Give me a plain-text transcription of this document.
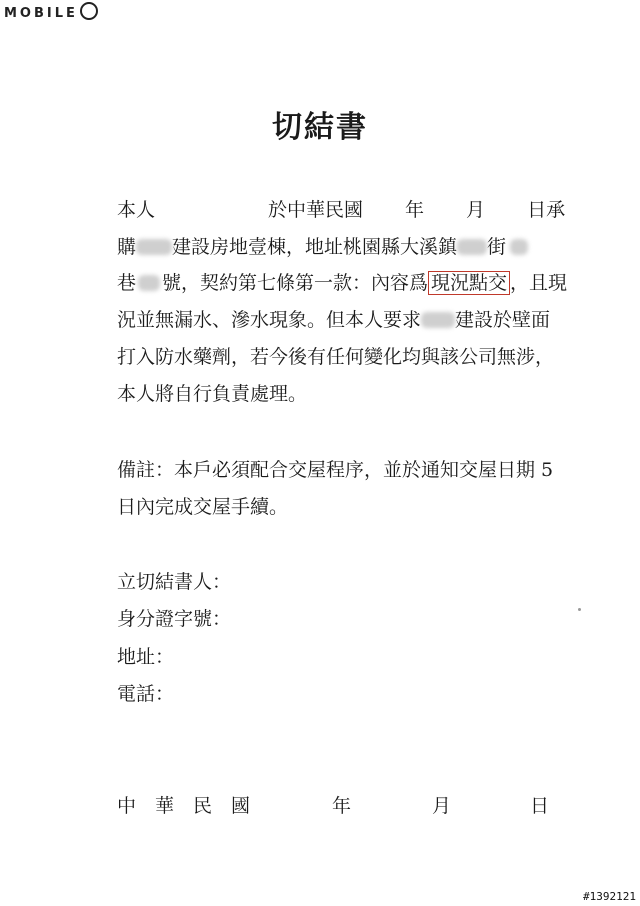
MOBILE
切結書
本人	於中華民國 年 月 日承
購 建設房地壹棟，地址桃園縣大溪鎮 街
巷 號，契約第七條第一款：內容爲 現況點交 ，且現
況並無漏水、滲水現象。但本人要求 建設於壁面
打入防水藥劑，若今後有任何變化均與該公司無涉，
本人將自行負責處理。
備註：本戶必須配合交屋程序，並於通知交屋日期 5
日內完成交屋手續。
立切結書人：
身分證字號：
地址：
電話：
中　華　民　國	年	月	日
#1392121
